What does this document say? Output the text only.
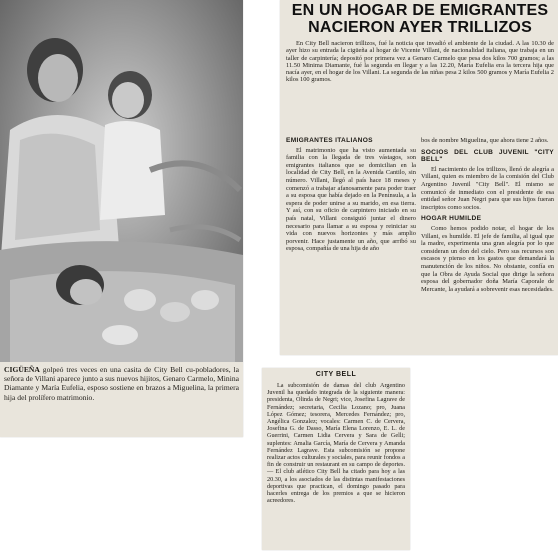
CIGÜEÑA golpeó tres veces en una casita de City Bell cu-pobladores, la señora de Villani aparece junto a sus nuevos hijitos, Genaro Carmelo, Minina Diamante y María Eufelia, esposo sostiene en brazos a Miguelina, la primera hija del prolífero matrimonio.
EN UN HOGAR DE EMIGRANTES NACIERON AYER TRILLIZOS

En City Bell nacieron trillizos, fué la noticia que invadió el ambiente de la ciudad. A las 10.30 de ayer hizo su entrada la cigüeña al hogar de Vicente Villani, de nacionalidad italiana, que trabaja en un taller de carpintería; depositó por primera vez a Genaro Carmelo que pesa dos kilos 700 gramos; a las 11.50 Minima Diamante, fué la segunda en llegar y a las 12.20, María Eufelia era la tercera hija que nacía ayer, en el hogar de los Villani. La segunda de las niñas pesa 2 kilos 500 gramos y María Eufelia 2 kilos 100 gramos.

EMIGRANTES ITALIANOS

El matrimonio que ha visto aumentada su familia con la llegada de tres vástagos, son emigrantes italianos que se domicilian en la localidad de City Bell, en la Avenida Cantilo, sin número. Villani, llegó al país hace 18 meses y comenzó a trabajar afanosamente para poder traer a su esposa que había dejado en la Península, a la espera de poder unirse a su marido, en esa tierra. Y así, con su oficio de carpintero iniciado en su país natal, Villani consiguió juntar el dinero necesario para llamar a su esposa y reiniciar su vida con nuevos horizontes y más amplio porvenir. Hace justamente un año, que arribó su esposa, compañía de una hija de año

bos de nombre Miguelina, que ahora tiene 2 años.

SOCIOS DEL CLUB JUVENIL "CITY BELL"

El nacimiento de los trillizos, llenó de alegría a Villani, quien es miembro de la comisión del Club Argentino Juvenil "City Bell". El mismo se comunicó de inmediato con el presidente de esa entidad señor Juan Negri para que sus hijos fueran inscriptos como socios.

HOGAR HUMILDE

Como hemos podido notar, el hogar de los Villani, es humilde. El jefe de familia, al igual que la madre, experimenta una gran alegría por lo que consideran un don del cielo. Pero sus recursos son escasos y pienso en los gastos que demandará la manutención de los niños. No obstante, confía en que la Obra de Ayuda Social que dirige la señora esposa del gobernador doña María Caporale de Mercante, la ayudará a sobrevenir esas necesidades.

CITY BELL

La subcomisión de damas del club Argentino Juvenil ha quedado integrada de la siguiente manera: presidenta, Olinda de Negri; vice, Josefina Lagrave de Fernández; secretaria, Cecilia Lozano; pro, Juana López Gómez; tesorera, Mercedes Fernández; pro, Angélica Gonzalez; vocales: Carmen C. de Cervera, Josefina G. de Dasso, María Elena Lorenzo, E. L. de Guerrini, Carmen Lidia Cervera y Sara de Gelli; suplentes: Amalia García, María de Cervera y Amanda Fernández Lagrave. Esta subcomisión se propone realizar actos culturales y sociales, para reunir fondos a fin de construir un restaurant en su campo de deportes. — El club atlético City Bell ha citado para hoy a las 20.30, a los asociados de las distintas manifestaciones deportivas que practican, el domingo pasado para hacerles entrega de los premios a que se hicieron acreedores.
